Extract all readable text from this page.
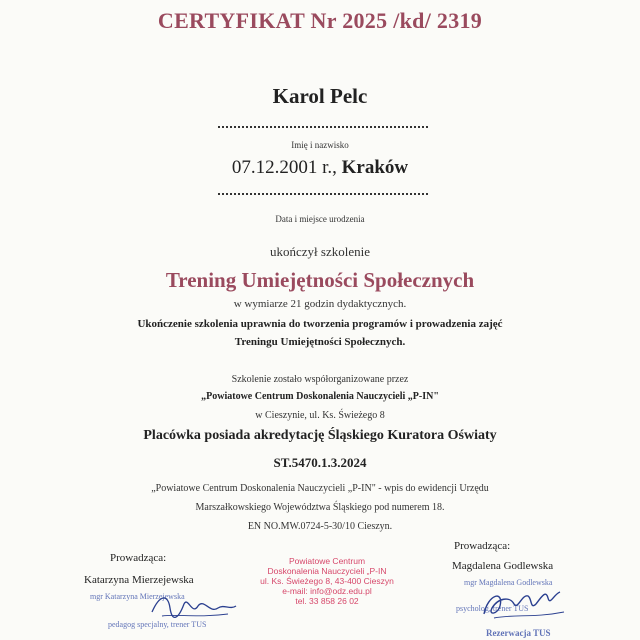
CERTYFIKAT Nr 2025 /kd/ 2319
Karol Pelc
Imię i nazwisko
07.12.2001 r., Kraków
Data i miejsce urodzenia
ukończył szkolenie
Trening Umiejętności Społecznych
w wymiarze 21 godzin dydaktycznych.
Ukończenie szkolenia uprawnia do tworzenia programów i prowadzenia zajęć
Treningu Umiejętności Społecznych.
Szkolenie zostało współorganizowane przez
„Powiatowe Centrum Doskonalenia Nauczycieli „P-IN"
w Cieszynie, ul. Ks. Świeżego 8
Placówka posiada akredytację Śląskiego Kuratora Oświaty
ST.5470.1.3.2024
„Powiatowe Centrum Doskonalenia Nauczycieli „P-IN" - wpis do ewidencji Urzędu
Marszałkowskiego Województwa Śląskiego pod numerem 18.
EN NO.MW.0724-5-30/10 Cieszyn.
Prowadząca:
Katarzyna Mierzejewska
mgr Katarzyna Mierzejewska
pedagog specjalny, trener TUS
Powiatowe Centrum
Doskonalenia Nauczycieli „P-IN
ul. Ks. Świeżego 8, 43-400 Cieszyn
e-mail: info@odz.edu.pl
tel. 33 858 26 02
Prowadząca:
Magdalena Godlewska
mgr Magdalena Godlewska
psycholog, trener TUS
Rezerwacja TUS
